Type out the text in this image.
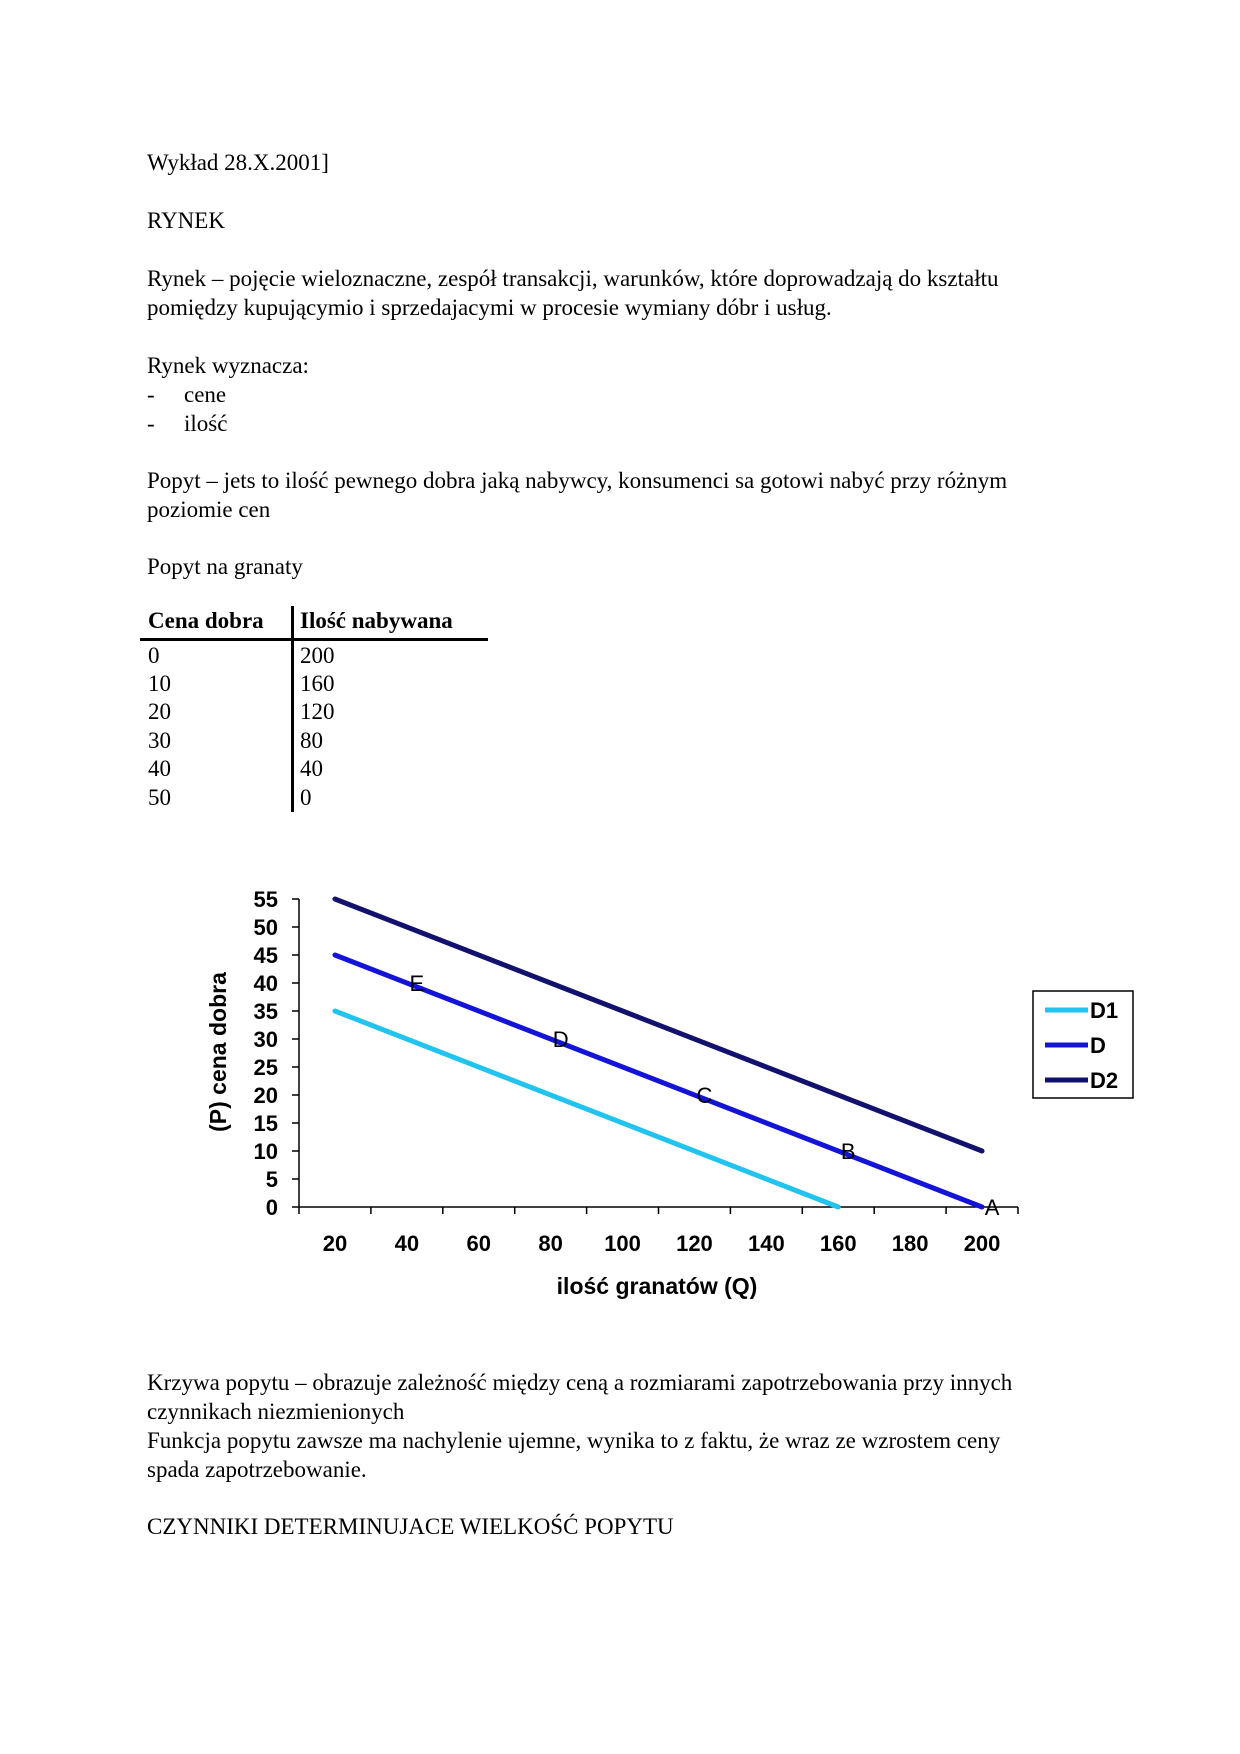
Wykład 28.X.2001]
RYNEK
Rynek – pojęcie wieloznaczne, zespół transakcji, warunków, które doprowadzają do kształtu
pomiędzy kupującymio i sprzedajacymi w procesie wymiany dóbr i usług.
Rynek wyznacza:
- cene
- ilość
Popyt – jets to ilość pewnego dobra jaką nabywcy, konsumenci sa gotowi nabyć przy różnym
poziomie cen
Popyt na granaty
Cena dobra Ilość nabywana
0	200
10	160
20	120
30	80
40	40
50	0
0
5
10
15
20
25
30
35
40
45
50
55
20 40 60 80 100 120 140 160 180 200
E
D
C
B
A
(P) cena dobra
ilość granatów (Q)
D1
D
D2
Krzywa popytu – obrazuje zależność między ceną a rozmiarami zapotrzebowania przy innych
czynnikach niezmienionych
Funkcja popytu zawsze ma nachylenie ujemne, wynika to z faktu, że wraz ze wzrostem ceny
spada zapotrzebowanie.
CZYNNIKI DETERMINUJACE WIELKOŚĆ POPYTU
